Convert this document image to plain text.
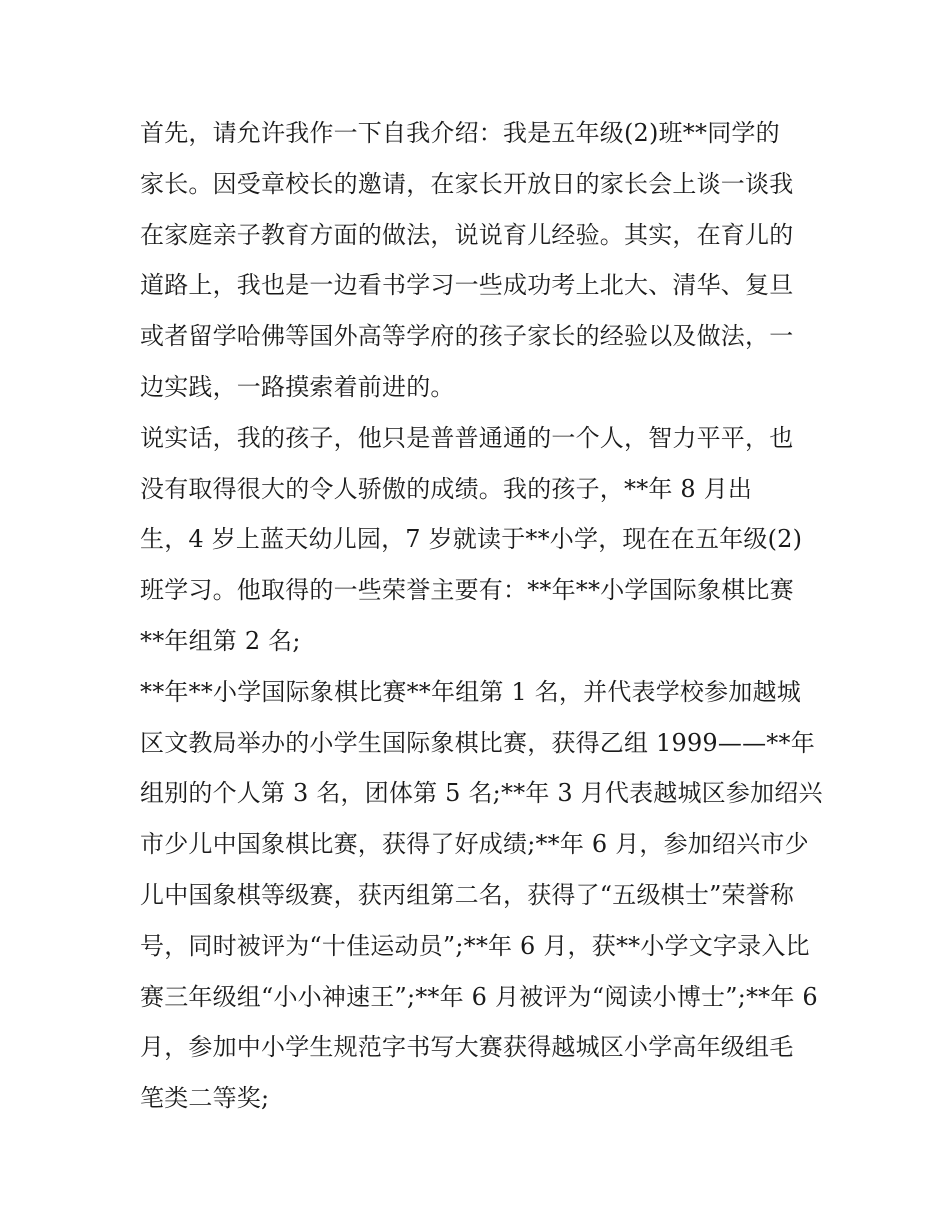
首先，请允许我作一下自我介绍：我是五年级(2)班**同学的
家长。因受章校长的邀请，在家长开放日的家长会上谈一谈我
在家庭亲子教育方面的做法，说说育儿经验。其实，在育儿的
道路上，我也是一边看书学习一些成功考上北大、清华、复旦
或者留学哈佛等国外高等学府的孩子家长的经验以及做法，一
边实践，一路摸索着前进的。
说实话，我的孩子，他只是普普通通的一个人，智力平平，也
没有取得很大的令人骄傲的成绩。我的孩子，**年 8 月出
生，4 岁上蓝天幼儿园，7 岁就读于**小学，现在在五年级(2)
班学习。他取得的一些荣誉主要有：**年**小学国际象棋比赛
**年组第 2 名;
**年**小学国际象棋比赛**年组第 1 名，并代表学校参加越城
区文教局举办的小学生国际象棋比赛，获得乙组 1999——**年
组别的个人第 3 名，团体第 5 名;**年 3 月代表越城区参加绍兴
市少儿中国象棋比赛，获得了好成绩;**年 6 月，参加绍兴市少
儿中国象棋等级赛，获丙组第二名，获得了“五级棋士”荣誉称
号，同时被评为“十佳运动员”;**年 6 月，获**小学文字录入比
赛三年级组“小小神速王”;**年 6 月被评为“阅读小博士”;**年 6
月，参加中小学生规范字书写大赛获得越城区小学高年级组毛
笔类二等奖;
